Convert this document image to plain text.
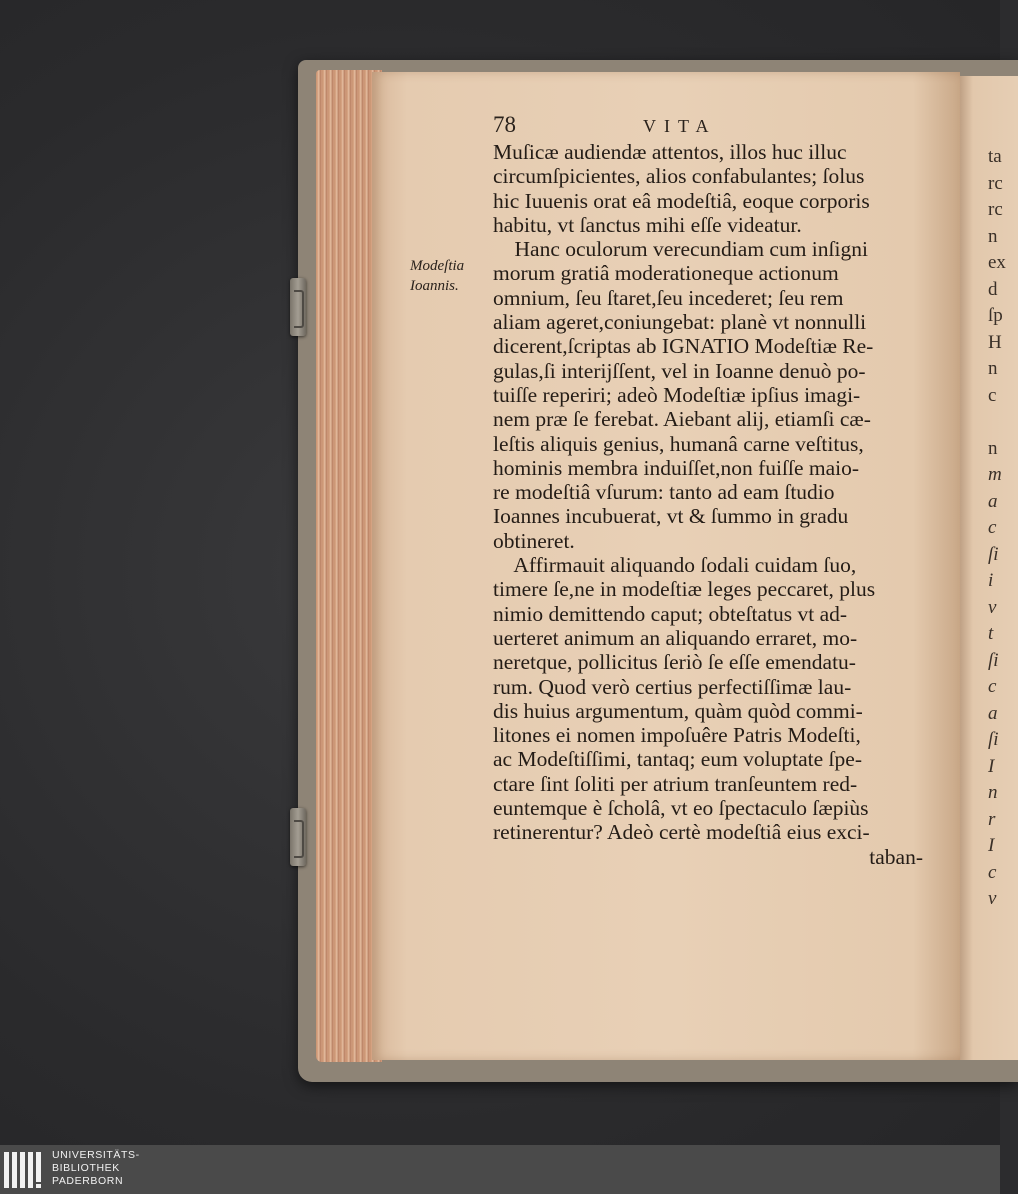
ta
rc
rc
n
ex
d
ſp
H
n
c
n
m
a
c
ſi
i
v
t
ſi
c
a
ſi
I
n
r
I
c
v
78	VITA
Modeſtia
Ioannis.
Muſicæ audiendæ attentos, illos huc illuc
circumſpicientes, alios confabulantes; ſolus
hic Iuuenis orat eâ modeſtiâ, eoque corporis
habitu, vt ſanctus mihi eſſe videatur.
Hanc oculorum verecundiam cum inſigni
morum gratiâ moderationeque actionum
omnium, ſeu ſtaret,ſeu incederet; ſeu rem
aliam ageret,coniungebat: planè vt nonnulli
dicerent,ſcriptas ab IGNATIO Modeſtiæ Re-
gulas,ſi interijſſent, vel in Ioanne denuò po-
tuiſſe reperiri; adeò Modeſtiæ ipſius imagi-
nem præ ſe ferebat. Aiebant alij, etiamſi cæ-
leſtis aliquis genius, humanâ carne veſtitus,
hominis membra induiſſet,non fuiſſe maio-
re modeſtiâ vſurum: tanto ad eam ſtudio
Ioannes incubuerat, vt & ſummo in gradu
obtineret.
Affirmauit aliquando ſodali cuidam ſuo,
timere ſe,ne in modeſtiæ leges peccaret, plus
nimio demittendo caput; obteſtatus vt ad-
uerteret animum an aliquando erraret, mo-
neretque, pollicitus ſeriò ſe eſſe emendatu-
rum. Quod verò certius perfectiſſimæ lau-
dis huius argumentum, quàm quòd commi-
litones ei nomen impoſuêre Patris Modeſti,
ac Modeſtiſſimi, tantaq; eum voluptate ſpe-
ctare ſint ſoliti per atrium tranſeuntem red-
euntemque è ſcholâ, vt eo ſpectaculo ſæpiùs
retinerentur? Adeò certè modeſtiâ eius exci-
taban-
UNIVERSITÄTS-
BIBLIOTHEK
PADERBORN
